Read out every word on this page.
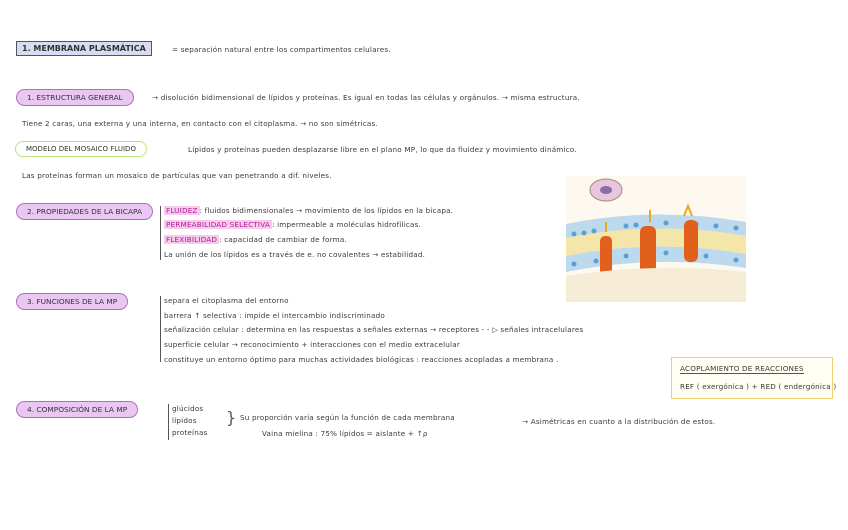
1. MEMBRANA PLASMÁTICA	= separación natural entre los compartimentos celulares.
1. ESTRUCTURA GENERAL	→ disolución bidimensional de lípidos y proteínas. Es igual en todas las células y orgánulos. → misma estructura.
Tiene 2 caras, una externa y una interna, en contacto con el citoplasma. → no son simétricas.
MODELO DEL MOSAICO FLUIDO	Lípidos y proteínas pueden desplazarse libre en el plano MP, lo que da fluidez y movimiento dinámico.
Las proteínas forman un mosaico de partículas que van penetrando a dif. niveles.
2. PROPIEDADES DE LA BICAPA	FLUIDEZ : fluidos bidimensionales → movimiento de los lípidos en la bicapa.
PERMEABILIDAD SELECTIVA : impermeable a moléculas hidrofílicas.
FLEXIBILIDAD : capacidad de cambiar de forma.
La unión de los lípidos es a través de e. no covalentes → estabilidad.
3. FUNCIONES DE LA MP	separa el citoplasma del entorno
barrera ↑ selectiva : impide el intercambio indiscriminado
señalización celular : determina en las respuestas a señales externas → receptores - - ▷ señales intracelulares
superficie celular → reconocimiento + interacciones con el medio extracelular
constituye un entorno óptimo para muchas actividades biológicas : reacciones acopladas a membrana .
ACOPLAMIENTO DE REACCIONES
REF ( exergónica ) + RED ( endergónica )
4. COMPOSICIÓN DE LA MP	glúcidos
lípidos
proteínas
} Su proporción varía según la función de cada membrana
Vaina mielina : 75% lípidos = aislante + ↑ρ
→ Asimétricas en cuanto a la distribución de estos.
